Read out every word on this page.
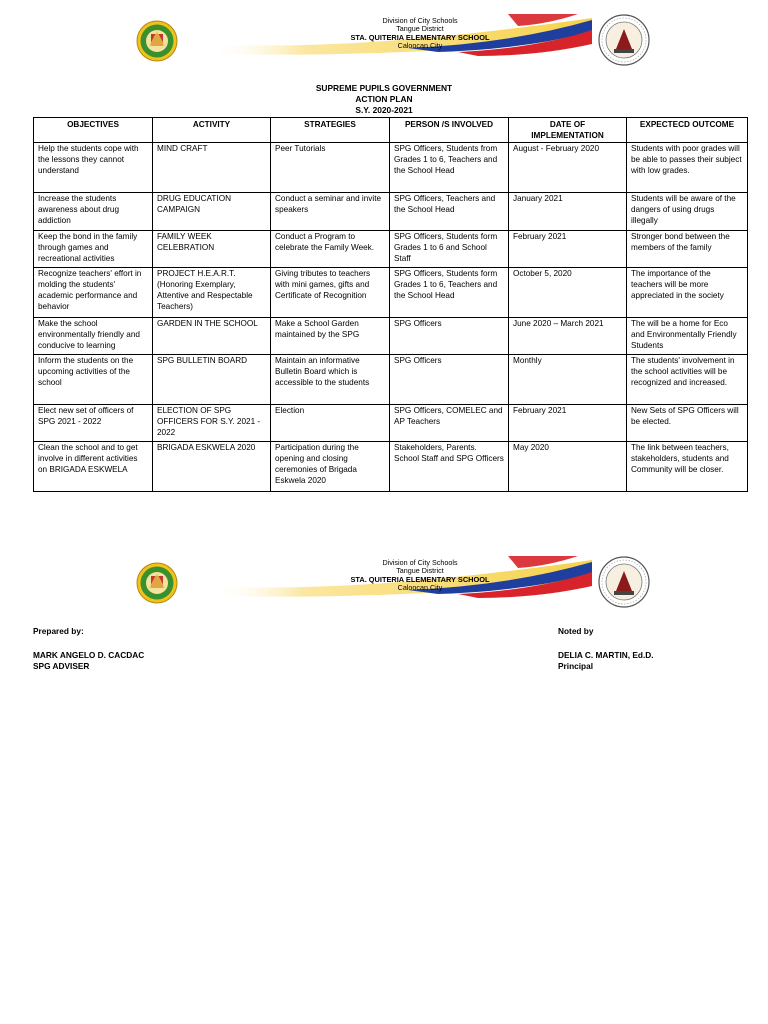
Division of City Schools
Tangue District
STA. QUITERIA ELEMENTARY SCHOOL
Caloocan City
SUPREME PUPILS GOVERNMENT
ACTION PLAN
S.Y. 2020-2021
OBJECTIVES	ACTIVITY	STRATEGIES	PERSON /S INVOLVED	DATE OF IMPLEMENTATION	EXPECTECD OUTCOME
Help the students cope with the lessons they cannot understand	MIND CRAFT	Peer Tutorials	SPG Officers, Students from Grades 1 to 6, Teachers and the School Head	August - February 2020	Students with poor grades will be able to passes their subject with low grades.
Increase the students awareness about drug addiction	DRUG EDUCATION CAMPAIGN	Conduct a seminar and invite speakers	SPG Officers, Teachers and the School Head	January 2021	Students will be aware of the dangers of using drugs illegally
Keep the bond in the family through games and recreational activities	FAMILY WEEK CELEBRATION	Conduct a Program to celebrate the Family Week.	SPG Officers, Students form Grades 1 to 6 and School Staff	February 2021	Stronger bond between the members of the family
Recognize teachers' effort in molding the students' academic performance and behavior	PROJECT H.E.A.R.T. (Honoring Exemplary, Attentive and Respectable Teachers)	Giving tributes to teachers with mini games, gifts and Certificate of Recognition	SPG Officers, Students form Grades 1 to 6, Teachers and the School Head	October 5, 2020	The importance of the teachers will be more appreciated in the society
Make the school environmentally friendly and conducive to learning	GARDEN IN THE SCHOOL	Make a School Garden maintained by the SPG	SPG Officers	June 2020 – March 2021	The will be a home for Eco and Environmentally Friendly Students
Inform the students on the upcoming activities of the school	SPG BULLETIN BOARD	Maintain an informative Bulletin Board which is accessible to the students	SPG Officers	Monthly	The students' involvement in the school activities will be recognized and increased.
Elect new set of officers of SPG 2021 - 2022	ELECTION OF SPG OFFICERS FOR S.Y. 2021 - 2022	Election	SPG Officers, COMELEC and AP Teachers	February 2021	New Sets of SPG Officers will be elected.
Clean the school and to get involve in different activities on BRIGADA ESKWELA	BRIGADA ESKWELA 2020	Participation during the opening and closing ceremonies of Brigada Eskwela 2020	Stakeholders, Parents. School Staff and SPG Officers	May 2020	The link between teachers, stakeholders, students and Community will be closer.
Division of City Schools
Tangue District
STA. QUITERIA ELEMENTARY SCHOOL
Caloocan City
Prepared by:
MARK ANGELO D. CACDAC
SPG ADVISER
Noted by
DELIA C. MARTIN, Ed.D.
Principal
